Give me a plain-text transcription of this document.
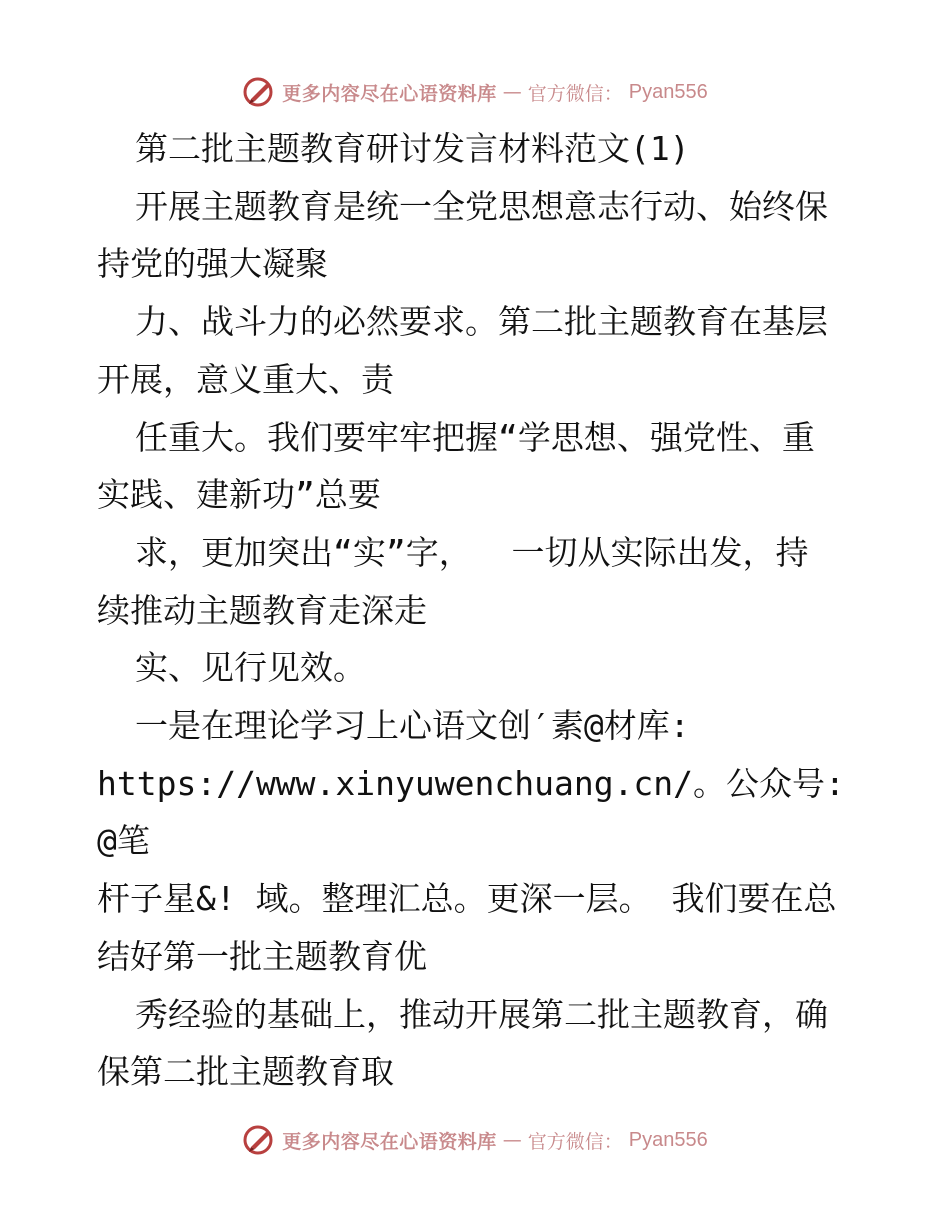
更多内容尽在心语资料库 — 官方微信： Pyan556

第二批主题教育研讨发言材料范文(1)

开展主题教育是统一全党思想意志行动、始终保

持党的强大凝聚

力、战斗力的必然要求。第二批主题教育在基层

开展，意义重大、责

任重大。我们要牢牢把握“学思想、强党性、重

实践、建新功”总要

求，更加突出“实”字，  一切从实际出发，持

续推动主题教育走深走

实、见行见效。

一是在理论学习上心语文创′素@材库:

https://www.xinyuwenchuang.cn/。公众号: @笔

杆子星&! 域。整理汇总。更深一层。 我们要在总

结好第一批主题教育优

秀经验的基础上，推动开展第二批主题教育，确

保第二批主题教育取

更多内容尽在心语资料库 — 官方微信： Pyan556
